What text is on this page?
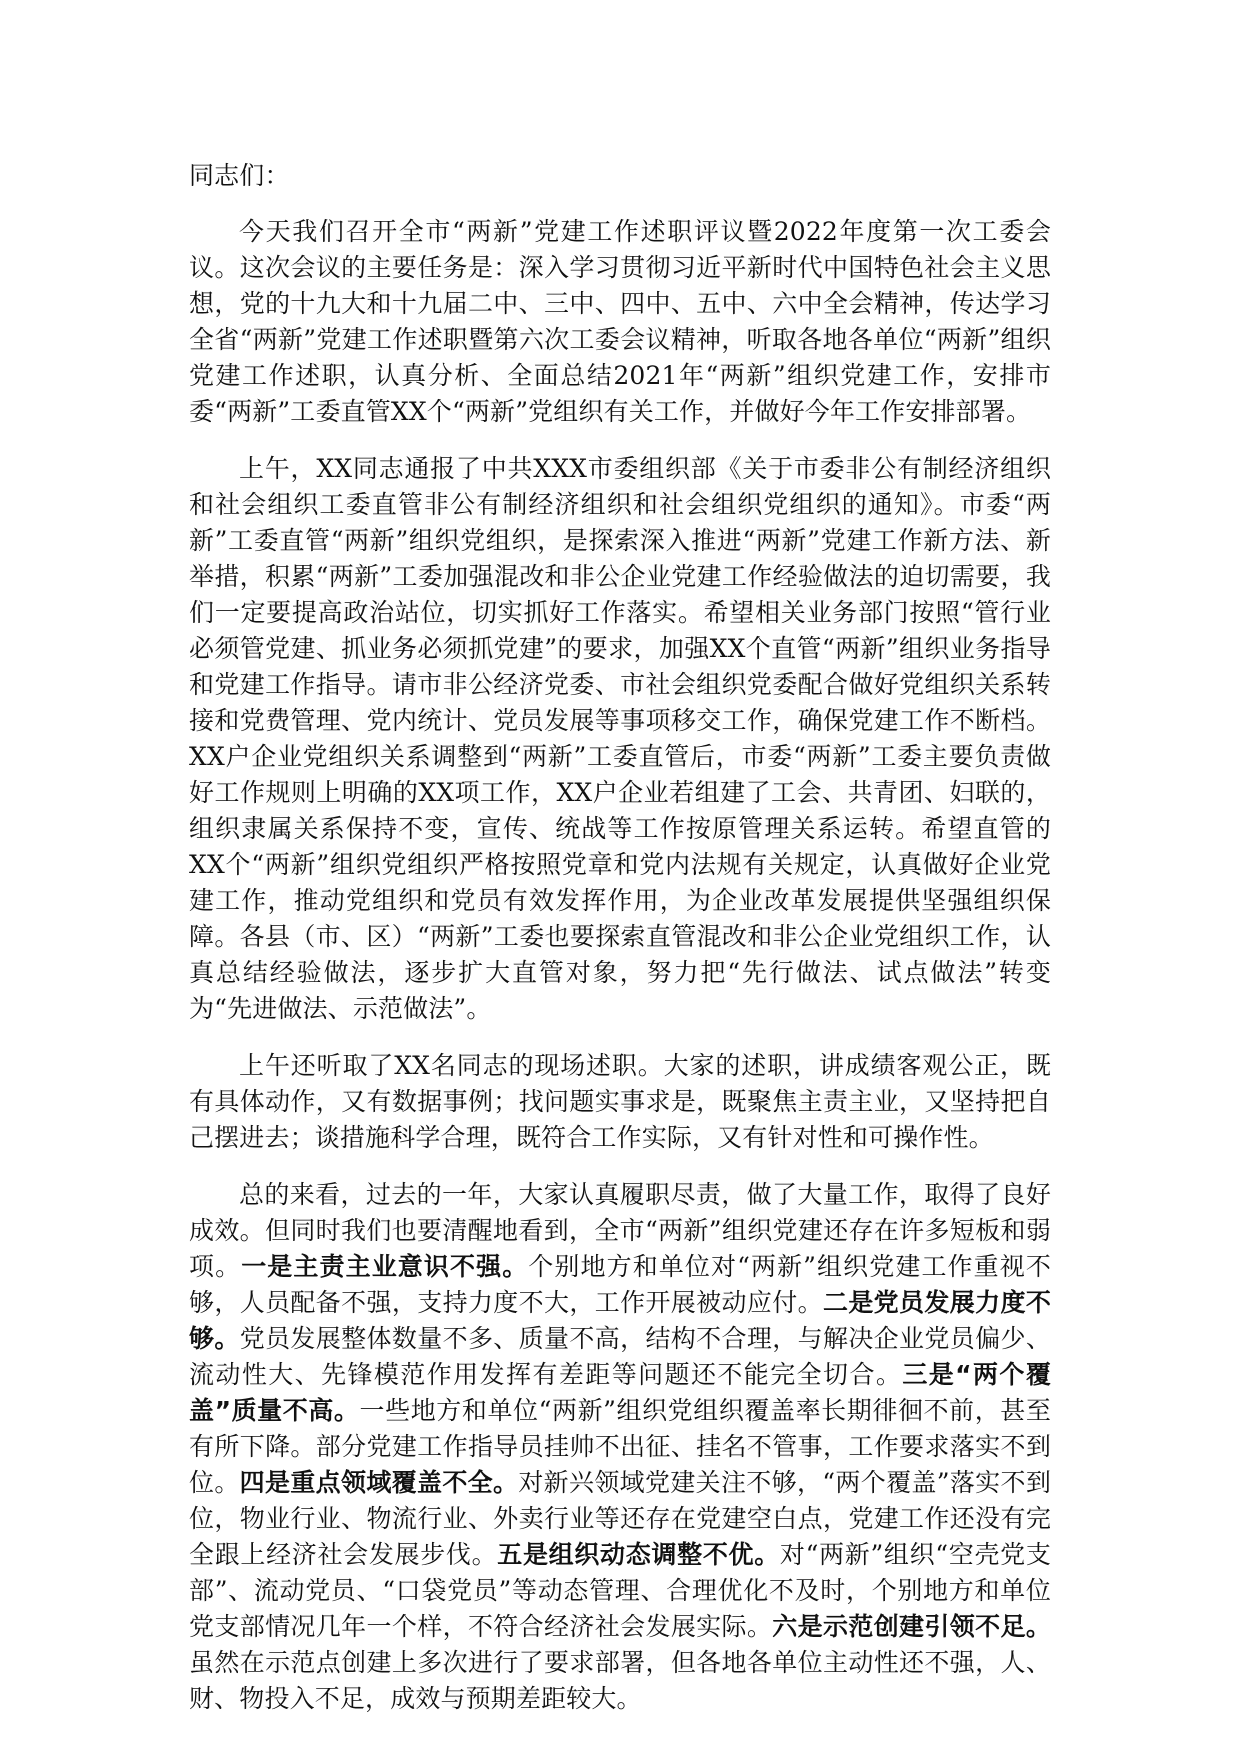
同志们：

今天我们召开全市“两新”党建工作述职评议暨2022年度第一次工委会议。这次会议的主要任务是：深入学习贯彻习近平新时代中国特色社会主义思想，党的十九大和十九届二中、三中、四中、五中、六中全会精神，传达学习全省“两新”党建工作述职暨第六次工委会议精神，听取各地各单位“两新”组织党建工作述职，认真分析、全面总结2021年“两新”组织党建工作，安排市委“两新”工委直管XX个“两新”党组织有关工作，并做好今年工作安排部署。

上午，XX同志通报了中共XXX市委组织部《关于市委非公有制经济组织和社会组织工委直管非公有制经济组织和社会组织党组织的通知》。市委“两新”工委直管“两新”组织党组织，是探索深入推进“两新”党建工作新方法、新举措，积累“两新”工委加强混改和非公企业党建工作经验做法的迫切需要，我们一定要提高政治站位，切实抓好工作落实。希望相关业务部门按照“管行业必须管党建、抓业务必须抓党建”的要求，加强XX个直管“两新”组织业务指导和党建工作指导。请市非公经济党委、市社会组织党委配合做好党组织关系转接和党费管理、党内统计、党员发展等事项移交工作，确保党建工作不断档。XX户企业党组织关系调整到“两新”工委直管后，市委“两新”工委主要负责做好工作规则上明确的XX项工作，XX户企业若组建了工会、共青团、妇联的，组织隶属关系保持不变，宣传、统战等工作按原管理关系运转。希望直管的XX个“两新”组织党组织严格按照党章和党内法规有关规定，认真做好企业党建工作，推动党组织和党员有效发挥作用，为企业改革发展提供坚强组织保障。各县（市、区）“两新”工委也要探索直管混改和非公企业党组织工作，认真总结经验做法，逐步扩大直管对象，努力把“先行做法、试点做法”转变为“先进做法、示范做法”。

上午还听取了XX名同志的现场述职。大家的述职，讲成绩客观公正，既有具体动作，又有数据事例；找问题实事求是，既聚焦主责主业，又坚持把自己摆进去；谈措施科学合理，既符合工作实际，又有针对性和可操作性。

总的来看，过去的一年，大家认真履职尽责，做了大量工作，取得了良好成效。但同时我们也要清醒地看到，全市“两新”组织党建还存在许多短板和弱项。一是主责主业意识不强。个别地方和单位对“两新”组织党建工作重视不够，人员配备不强，支持力度不大，工作开展被动应付。二是党员发展力度不够。党员发展整体数量不多、质量不高，结构不合理，与解决企业党员偏少、流动性大、先锋模范作用发挥有差距等问题还不能完全切合。三是“两个覆盖”质量不高。一些地方和单位“两新”组织党组织覆盖率长期徘徊不前，甚至有所下降。部分党建工作指导员挂帅不出征、挂名不管事，工作要求落实不到位。四是重点领域覆盖不全。对新兴领域党建关注不够，“两个覆盖”落实不到位，物业行业、物流行业、外卖行业等还存在党建空白点，党建工作还没有完全跟上经济社会发展步伐。五是组织动态调整不优。对“两新”组织“空壳党支部”、流动党员、“口袋党员”等动态管理、合理优化不及时，个别地方和单位党支部情况几年一个样，不符合经济社会发展实际。六是示范创建引领不足。虽然在示范点创建上多次进行了要求部署，但各地各单位主动性还不强，人、财、物投入不足，成效与预期差距较大。
